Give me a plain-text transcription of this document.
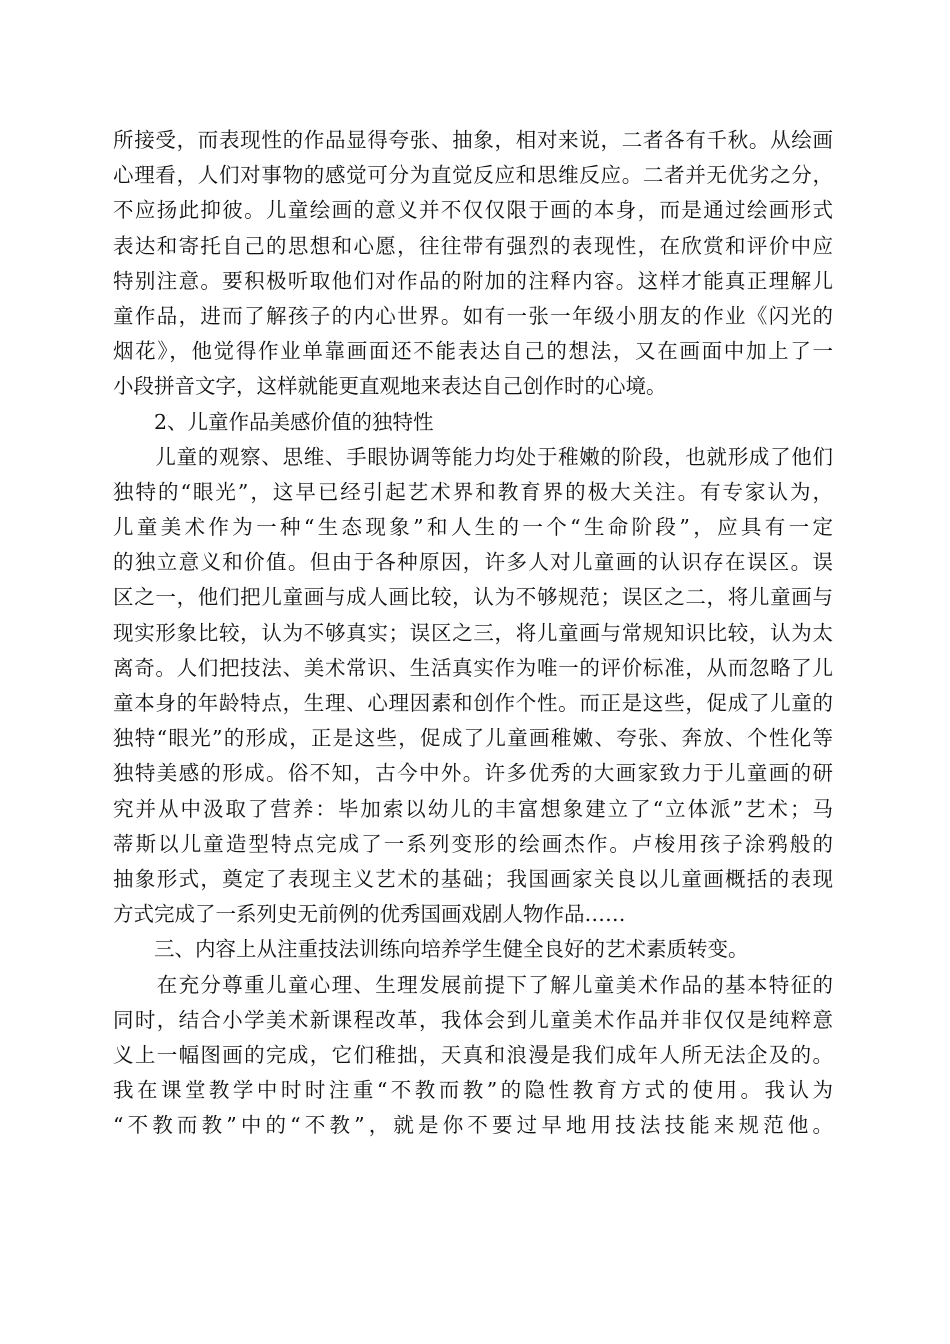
所接受，而表现性的作品显得夸张、抽象，相对来说，二者各有千秋。从绘画
心理看，人们对事物的感觉可分为直觉反应和思维反应。二者并无优劣之分，
不应扬此抑彼。儿童绘画的意义并不仅仅限于画的本身，而是通过绘画形式
表达和寄托自己的思想和心愿，往往带有强烈的表现性，在欣赏和评价中应
特别注意。要积极听取他们对作品的附加的注释内容。这样才能真正理解儿
童作品，进而了解孩子的内心世界。如有一张一年级小朋友的作业《闪光的
烟花》，他觉得作业单靠画面还不能表达自己的想法，又在画面中加上了一
小段拼音文字，这样就能更直观地来表达自己创作时的心境。
　　2、儿童作品美感价值的独特性
　　儿童的观察、思维、手眼协调等能力均处于稚嫩的阶段，也就形成了他们
独特的“眼光”，这早已经引起艺术界和教育界的极大关注。有专家认为，
儿童美术作为一种“生态现象”和人生的一个“生命阶段”，应具有一定
的独立意义和价值。但由于各种原因，许多人对儿童画的认识存在误区。误
区之一，他们把儿童画与成人画比较，认为不够规范；误区之二，将儿童画与
现实形象比较，认为不够真实；误区之三，将儿童画与常规知识比较，认为太
离奇。人们把技法、美术常识、生活真实作为唯一的评价标准，从而忽略了儿
童本身的年龄特点，生理、心理因素和创作个性。而正是这些，促成了儿童的
独特“眼光”的形成，正是这些，促成了儿童画稚嫩、夸张、奔放、个性化等
独特美感的形成。俗不知，古今中外。许多优秀的大画家致力于儿童画的研
究并从中汲取了营养：毕加索以幼儿的丰富想象建立了“立体派”艺术；马
蒂斯以儿童造型特点完成了一系列变形的绘画杰作。卢梭用孩子涂鸦般的
抽象形式，奠定了表现主义艺术的基础；我国画家关良以儿童画概括的表现
方式完成了一系列史无前例的优秀国画戏剧人物作品……
　　三、内容上从注重技法训练向培养学生健全良好的艺术素质转变。
　　在充分尊重儿童心理、生理发展前提下了解儿童美术作品的基本特征的
同时，结合小学美术新课程改革，我体会到儿童美术作品并非仅仅是纯粹意
义上一幅图画的完成，它们稚拙，天真和浪漫是我们成年人所无法企及的。
我在课堂教学中时时注重“不教而教”的隐性教育方式的使用。我认为
“不教而教”中的“不教”，就是你不要过早地用技法技能来规范他。
